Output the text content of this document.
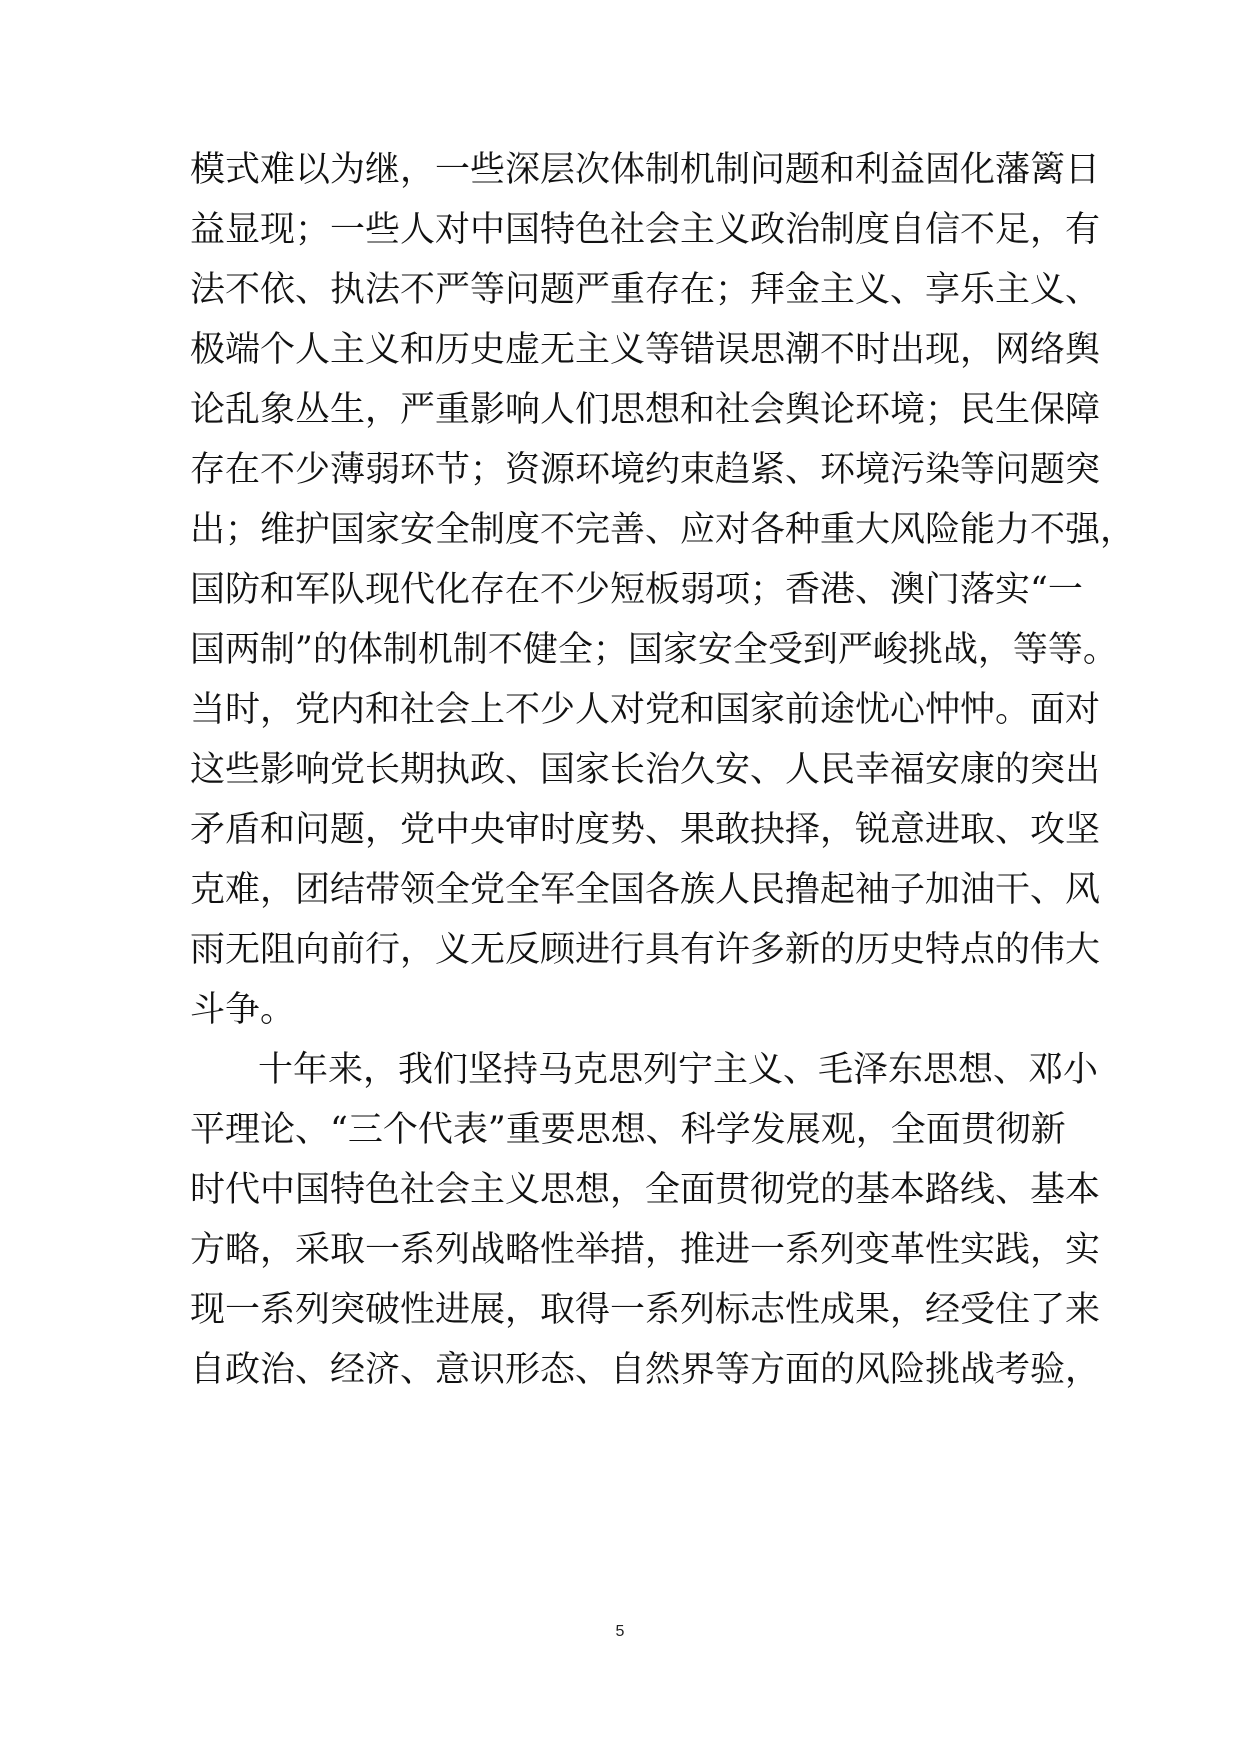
模式难以为继，一些深层次体制机制问题和利益固化藩篱日
益显现；一些人对中国特色社会主义政治制度自信不足，有
法不依、执法不严等问题严重存在；拜金主义、享乐主义、
极端个人主义和历史虚无主义等错误思潮不时出现，网络舆
论乱象丛生，严重影响人们思想和社会舆论环境；民生保障
存在不少薄弱环节；资源环境约束趋紧、环境污染等问题突
出；维护国家安全制度不完善、应对各种重大风险能力不强，
国防和军队现代化存在不少短板弱项；香港、澳门落实“一
国两制”的体制机制不健全；国家安全受到严峻挑战，等等。
当时，党内和社会上不少人对党和国家前途忧心忡忡。面对
这些影响党长期执政、国家长治久安、人民幸福安康的突出
矛盾和问题，党中央审时度势、果敢抉择，锐意进取、攻坚
克难，团结带领全党全军全国各族人民撸起袖子加油干、风
雨无阻向前行，义无反顾进行具有许多新的历史特点的伟大
斗争。
十年来，我们坚持马克思列宁主义、毛泽东思想、邓小
平理论、“三个代表”重要思想、科学发展观，全面贯彻新
时代中国特色社会主义思想，全面贯彻党的基本路线、基本
方略，采取一系列战略性举措，推进一系列变革性实践，实
现一系列突破性进展，取得一系列标志性成果，经受住了来
自政治、经济、意识形态、自然界等方面的风险挑战考验，
5
